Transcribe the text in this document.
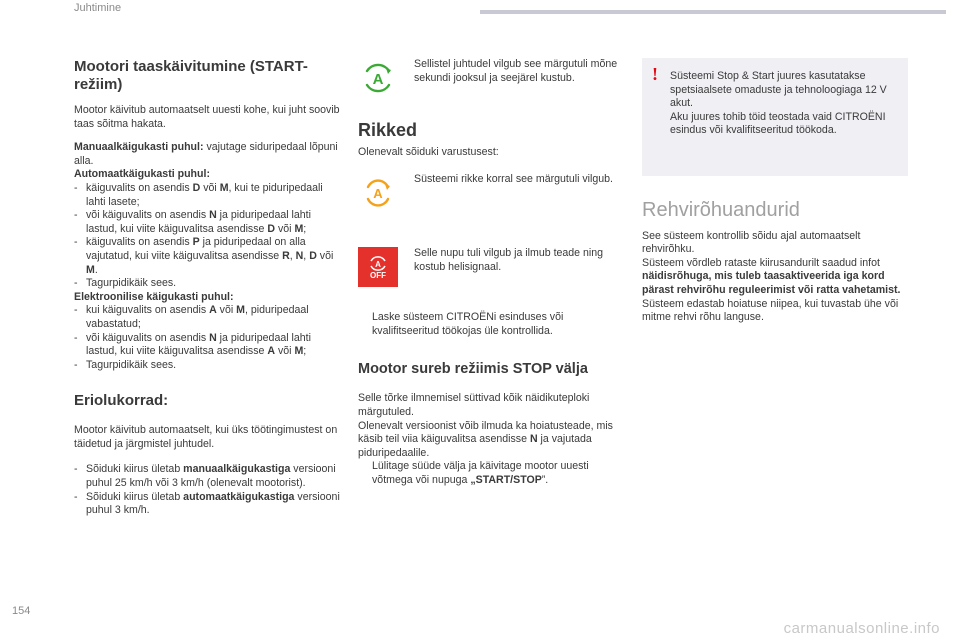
Juhtimine
Mootori taaskäivitumine (START-
režiim)

Mootor käivitub automaatselt uuesti kohe, kui juht soovib taas sõitma hakata.

Manuaalkäigukasti puhul: vajutage siduripedaal lõpuni alla.

Automaatkäigukasti puhul:
- käiguvalits on asendis D või M, kui te piduripedaali lahti lasete;
- või käiguvalits on asendis N ja piduripedaal lahti lastud, kui viite käiguvalitsa asendisse D või M;
- käiguvalits on asendis P ja piduripedaal on alla vajutatud, kui viite käiguvalitsa asendisse R, N, D või M.
- Tagurpidikäik sees.
Elektroonilise käigukasti puhul:
- kui käiguvalits on asendis A või M, piduripedaal vabastatud;
- või käiguvalits on asendis N ja piduripedaal lahti lastud, kui viite käiguvalitsa asendisse A või M;
- Tagurpidikäik sees.
Eriolukorrad:

Mootor käivitub automaatselt, kui üks töötingimustest on täidetud ja järgmistel juhtudel.

- Sõiduki kiirus ületab manuaalkäigukastiga versiooni puhul 25 km/h või 3 km/h (olenevalt mootorist).
- Sõiduki kiirus ületab automaatkäigukastiga versiooni puhul 3 km/h.
A
Sellistel juhtudel vilgub see märgutuli mõne sekundi jooksul ja seejärel kustub.
Rikked

Olenevalt sõiduki varustusest:

A
Süsteemi rikke korral see märgutuli vilgub.
A
OFF
Selle nupu tuli vilgub ja ilmub teade ning kostub helisignaal.

Laske süsteem CITROËNi esinduses või kvalifitseeritud töökojas üle kontrollida.

Mootor sureb režiimis STOP välja

Selle tõrke ilmnemisel süttivad kõik näidikuteploki märgutuled.

Olenevalt versioonist võib ilmuda ka hoiatusteade, mis käsib teil viia käiguvalitsa asendisse N ja vajutada piduripedaalile.

Lülitage süüde välja ja käivitage mootor uuesti võtmega või nupuga „START/STOP”.

! Süsteemi Stop & Start juures kasutatakse spetsiaalsete omaduste ja tehnoloogiaga 12 V akut.
Aku juures tohib töid teostada vaid CITROËNI esindus või kvalifitseeritud töökoda.
Rehvirõhuandurid

See süsteem kontrollib sõidu ajal automaatselt rehvirõhku.

Süsteem võrdleb rataste kiirusandurilt saadud infot näidisrõhuga, mis tuleb taasaktiveerida iga kord pärast rehvirõhu reguleerimist või ratta vahetamist.

Süsteem edastab hoiatuse niipea, kui tuvastab ühe või mitme rehvi rõhu languse.

154
carmanualsonline.info
